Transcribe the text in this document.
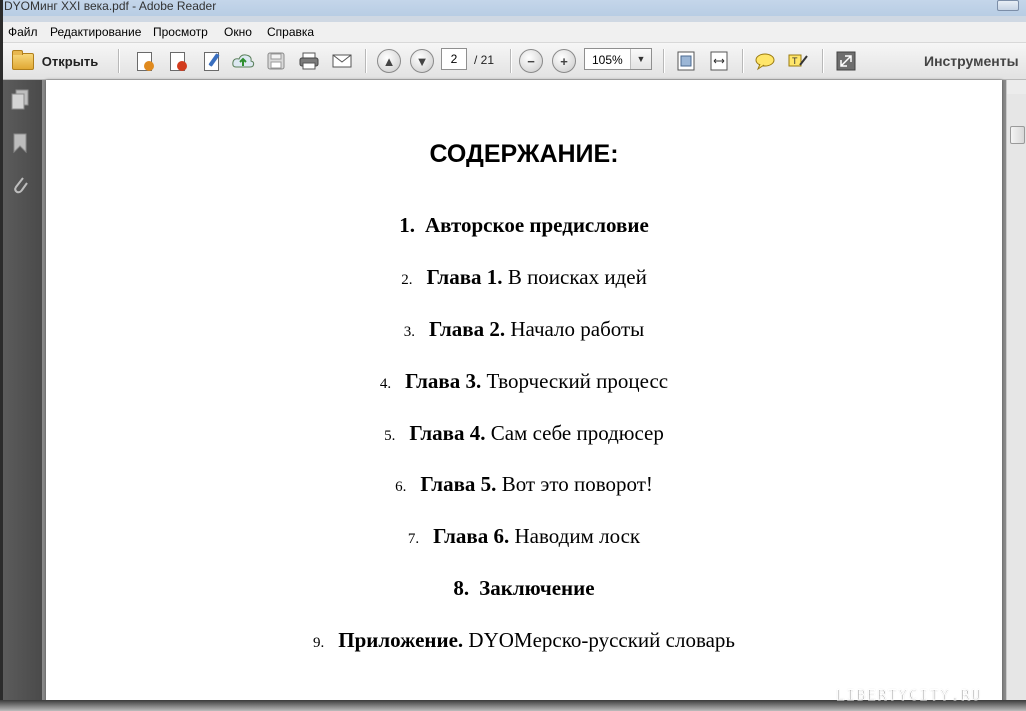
DYOМинг XXI века.pdf - Adobe Reader
Файл Редактирование Просмотр Окно Справка
Открыть	▲	▼	−	+	T	Инструменты
2	/ 21	105%	▼
СОДЕРЖАНИЕ:
1. Авторское предисловие
2. Глава 1. В поисках идей
3. Глава 2. Начало работы
4. Глава 3. Творческий процесс
5. Глава 4. Сам себе продюсер
6. Глава 5. Вот это поворот!
7. Глава 6. Наводим лоск
8. Заключение
9. Приложение. DYOMерско-русский словарь
LIBERTYCITY.RU
